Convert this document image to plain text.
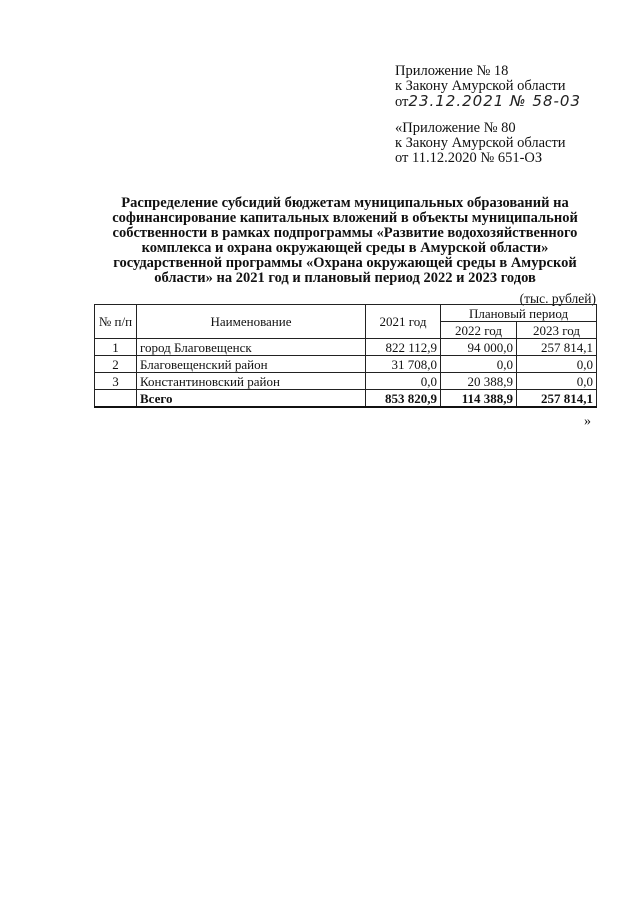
Приложение № 18
к Закону Амурской области
от23.12.2021 № 58-03
«Приложение № 80
к Закону Амурской области
от 11.12.2020 № 651-ОЗ
Распределение субсидий бюджетам муниципальных образований на софинансирование капитальных вложений в объекты муниципальной собственности в рамках подпрограммы «Развитие водохозяйственного комплекса и охрана окружающей среды в Амурской области» государственной программы «Охрана окружающей среды в Амурской области» на 2021 год и плановый период 2022 и 2023 годов
(тыс. рублей)
№ п/п	Наименование	2021 год	Плановый период	
			2022 год	2023 год
1	город Благовещенск	822 112,9	94 000,0	257 814,1
2	Благовещенский район	31 708,0	0,0	0,0
3	Константиновский район	0,0	20 388,9	0,0
	Всего	853 820,9	114 388,9	257 814,1
»
